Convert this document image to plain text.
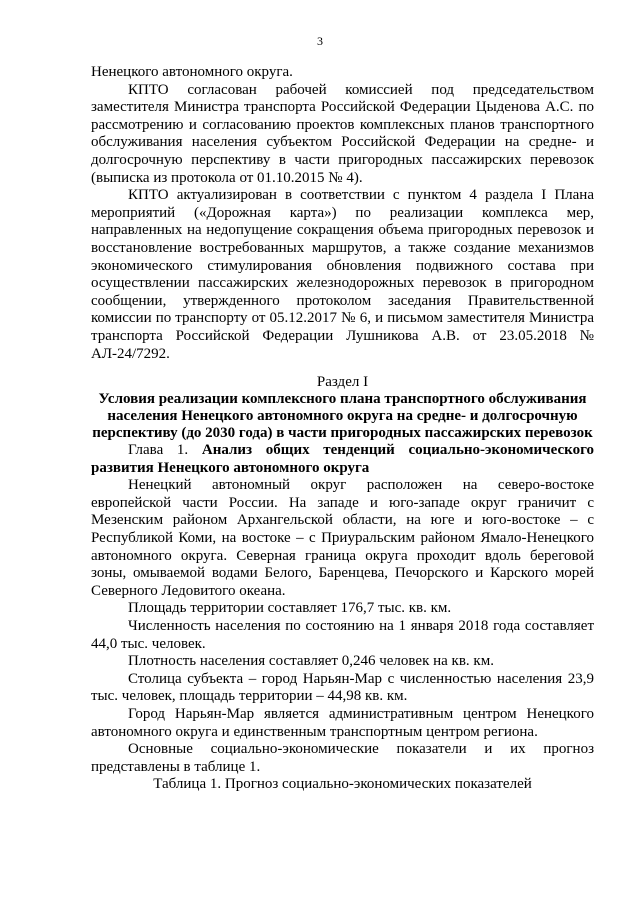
3

Ненецкого автономного округа.

КПТО согласован рабочей комиссией под председательством заместителя Министра транспорта Российской Федерации Цыденова А.С. по рассмотрению и согласованию проектов комплексных планов транспортного обслуживания населения субъектом Российской Федерации на средне- и долгосрочную перспективу в части пригородных пассажирских перевозок (выписка из протокола от 01.10.2015 № 4).

КПТО актуализирован в соответствии с пунктом 4 раздела I Плана мероприятий («Дорожная карта») по реализации комплекса мер, направленных на недопущение сокращения объема пригородных перевозок и восстановление востребованных маршрутов, а также создание механизмов экономического стимулирования обновления подвижного состава при осуществлении пассажирских железнодорожных перевозок в пригородном сообщении, утвержденного протоколом заседания Правительственной комиссии по транспорту от 05.12.2017 № 6, и письмом заместителя Министра транспорта Российской Федерации Лушникова А.В. от 23.05.2018 № АЛ-24/7292.

Раздел I
Условия реализации комплексного плана транспортного обслуживания населения Ненецкого автономного округа на средне- и долгосрочную перспективу (до 2030 года) в части пригородных пассажирских перевозок

Глава 1. Анализ общих тенденций социально-экономического развития Ненецкого автономного округа

Ненецкий автономный округ расположен на северо-востоке европейской части России. На западе и юго-западе округ граничит с Мезенским районом Архангельской области, на юге и юго-востоке – с Республикой Коми, на востоке – с Приуральским районом Ямало-Ненецкого автономного округа. Северная граница округа проходит вдоль береговой зоны, омываемой водами Белого, Баренцева, Печорского и Карского морей Северного Ледовитого океана.

Площадь территории составляет 176,7 тыс. кв. км.

Численность населения по состоянию на 1 января 2018 года составляет 44,0 тыс. человек.

Плотность населения составляет 0,246 человек на кв. км.

Столица субъекта – город Нарьян-Мар с численностью населения 23,9 тыс. человек, площадь территории – 44,98 кв. км.

Город Нарьян-Мар является административным центром Ненецкого автономного округа и единственным транспортным центром региона.

Основные социально-экономические показатели и их прогноз представлены в таблице 1.

Таблица 1. Прогноз социально-экономических показателей
